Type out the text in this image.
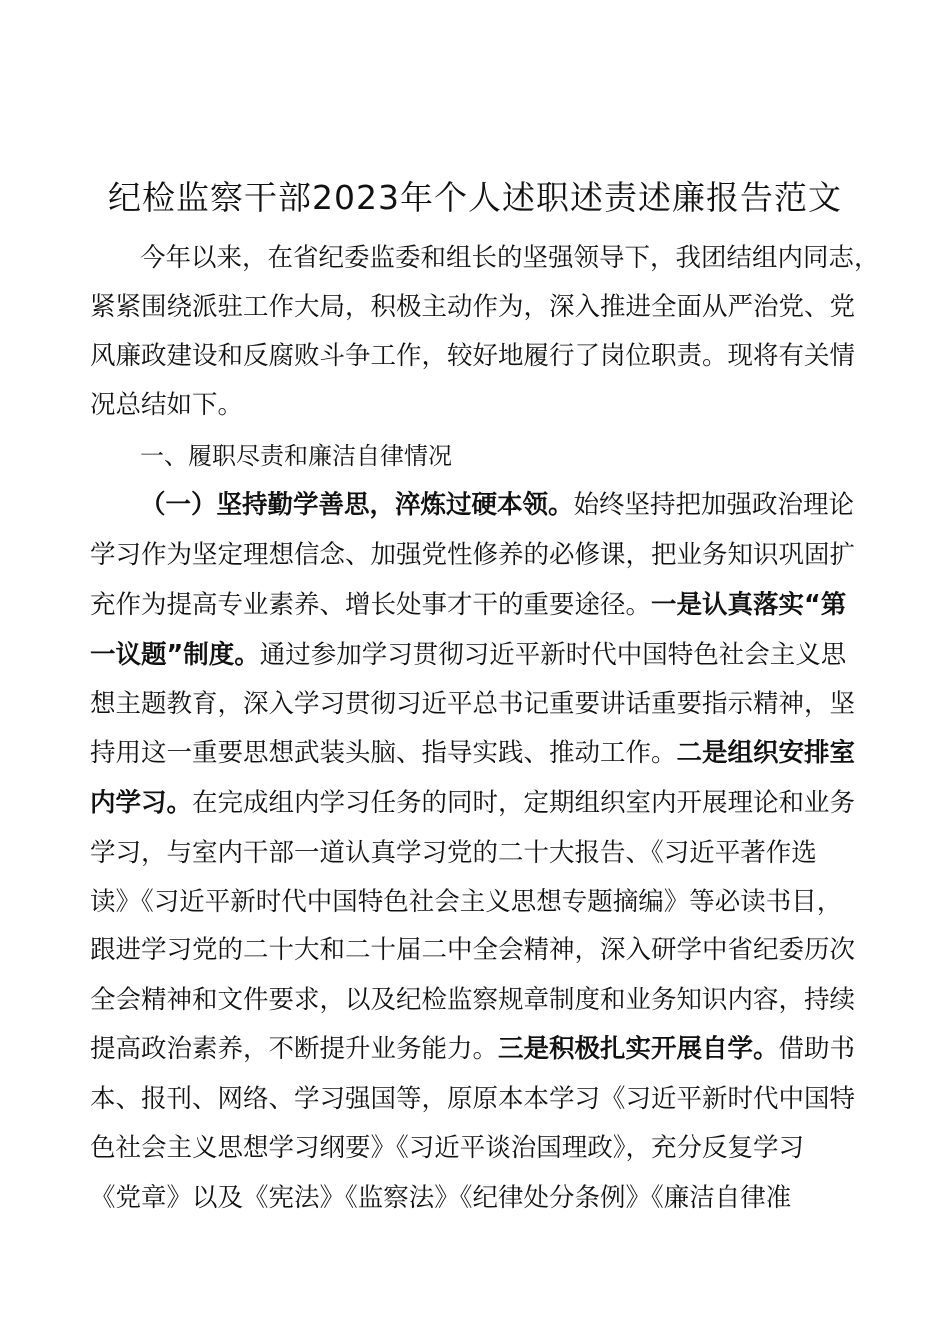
纪检监察干部2023年个人述职述责述廉报告范文
今年以来，在省纪委监委和组长的坚强领导下，我团结组内同志，
紧紧围绕派驻工作大局，积极主动作为，深入推进全面从严治党、党
风廉政建设和反腐败斗争工作，较好地履行了岗位职责。现将有关情
况总结如下。
一、履职尽责和廉洁自律情况
（一）坚持勤学善思，淬炼过硬本领。始终坚持把加强政治理论
学习作为坚定理想信念、加强党性修养的必修课，把业务知识巩固扩
充作为提高专业素养、增长处事才干的重要途径。一是认真落实“第
一议题”制度。通过参加学习贯彻习近平新时代中国特色社会主义思
想主题教育，深入学习贯彻习近平总书记重要讲话重要指示精神，坚
持用这一重要思想武装头脑、指导实践、推动工作。二是组织安排室
内学习。在完成组内学习任务的同时，定期组织室内开展理论和业务
学习，与室内干部一道认真学习党的二十大报告、《习近平著作选
读》《习近平新时代中国特色社会主义思想专题摘编》等必读书目，
跟进学习党的二十大和二十届二中全会精神，深入研学中省纪委历次
全会精神和文件要求，以及纪检监察规章制度和业务知识内容，持续
提高政治素养，不断提升业务能力。三是积极扎实开展自学。借助书
本、报刊、网络、学习强国等，原原本本学习《习近平新时代中国特
色社会主义思想学习纲要》《习近平谈治国理政》，充分反复学习
《党章》以及《宪法》《监察法》《纪律处分条例》《廉洁自律准
